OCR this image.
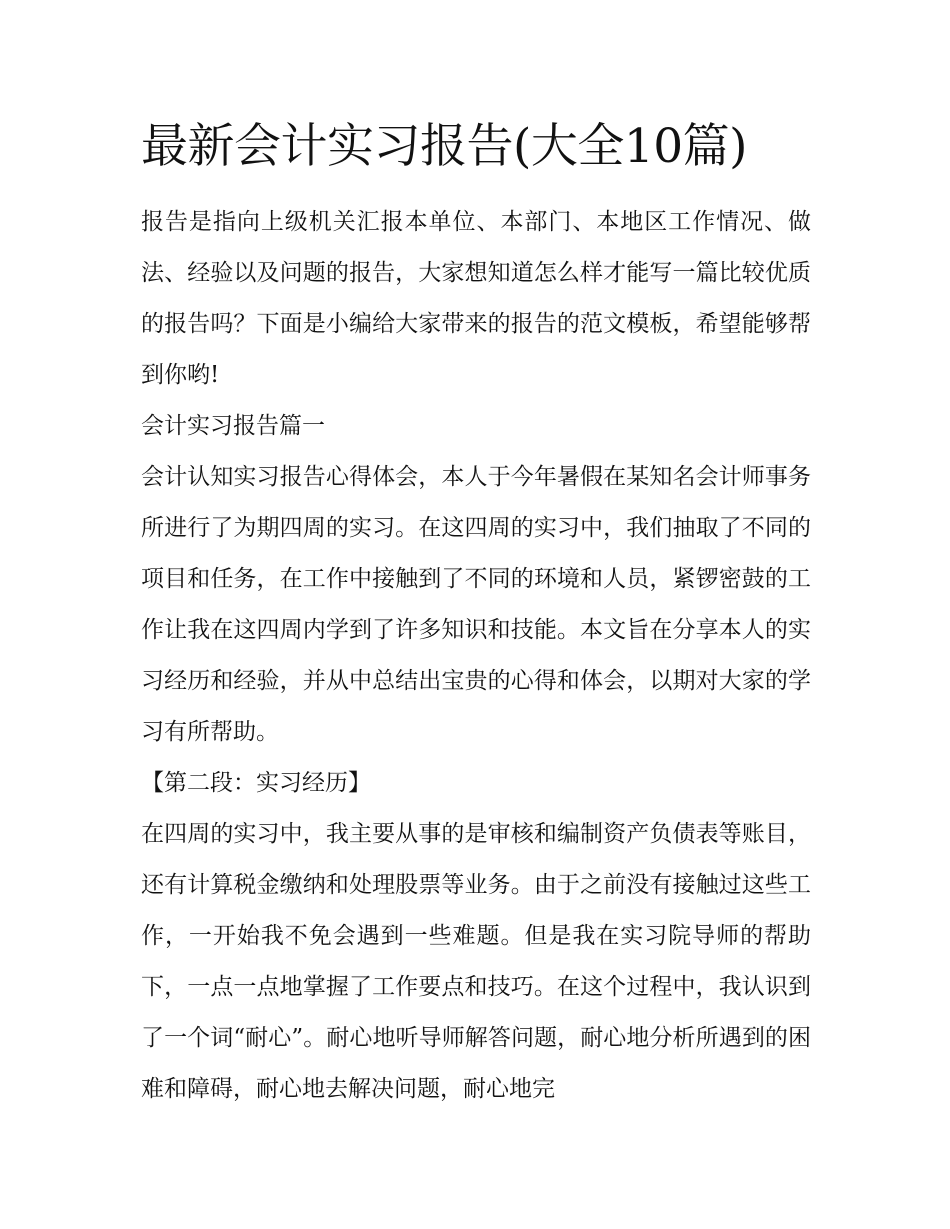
最新会计实习报告(大全10篇)

报告是指向上级机关汇报本单位、本部门、本地区工作情况、做法、经验以及问题的报告，大家想知道怎么样才能写一篇比较优质的报告吗？下面是小编给大家带来的报告的范文模板，希望能够帮到你哟!

会计实习报告篇一

会计认知实习报告心得体会，本人于今年暑假在某知名会计师事务所进行了为期四周的实习。在这四周的实习中，我们抽取了不同的项目和任务，在工作中接触到了不同的环境和人员，紧锣密鼓的工作让我在这四周内学到了许多知识和技能。本文旨在分享本人的实习经历和经验，并从中总结出宝贵的心得和体会，以期对大家的学习有所帮助。

【第二段：实习经历】

在四周的实习中，我主要从事的是审核和编制资产负债表等账目，还有计算税金缴纳和处理股票等业务。由于之前没有接触过这些工作，一开始我不免会遇到一些难题。但是我在实习院导师的帮助下，一点一点地掌握了工作要点和技巧。在这个过程中，我认识到了一个词“耐心”。耐心地听导师解答问题，耐心地分析所遇到的困难和障碍，耐心地去解决问题，耐心地完
